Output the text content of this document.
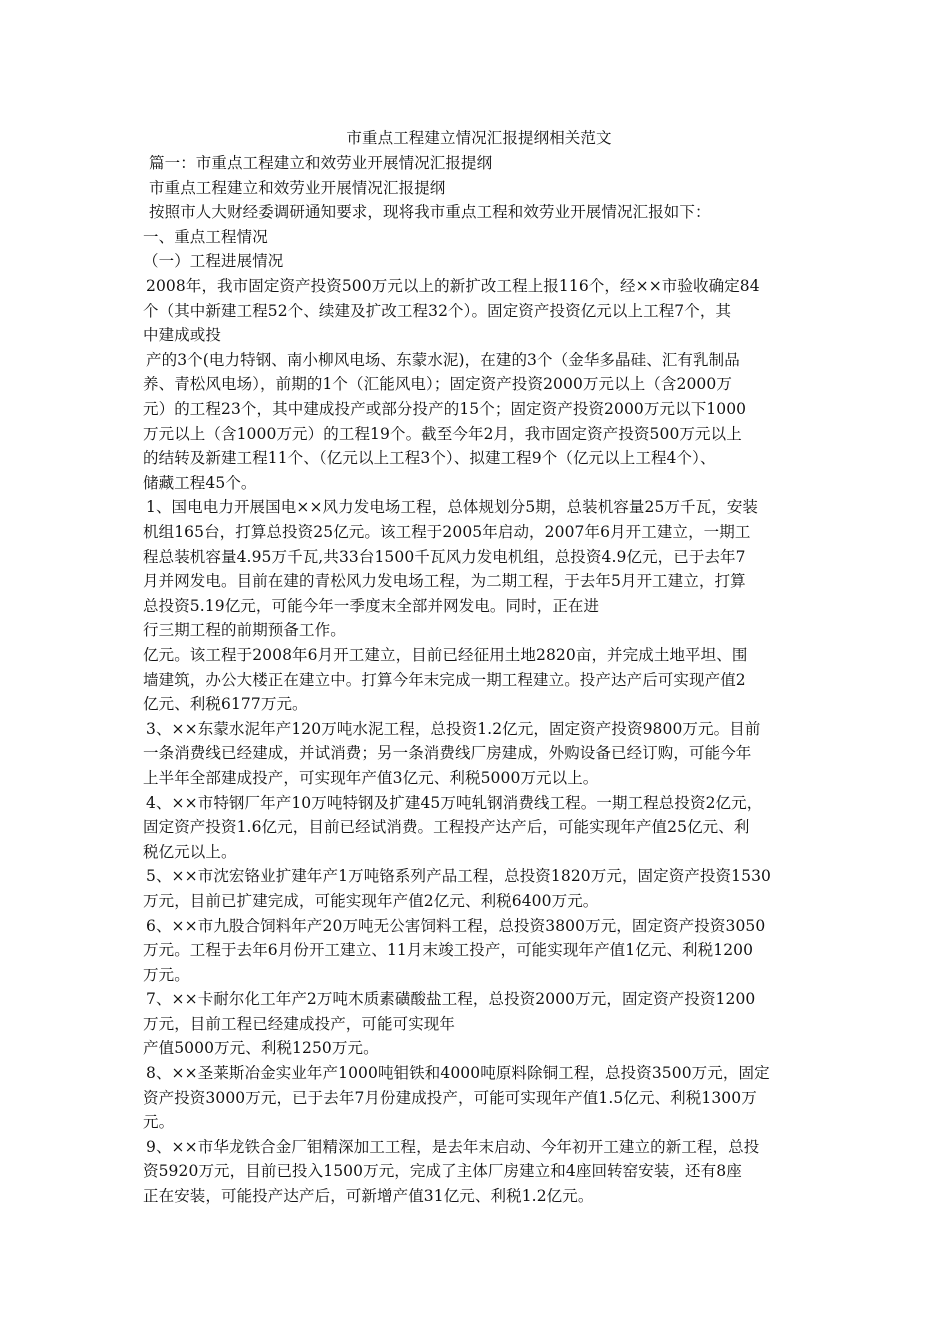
市重点工程建立情况汇报提纲相关范文
篇一：市重点工程建立和效劳业开展情况汇报提纲
市重点工程建立和效劳业开展情况汇报提纲
按照市人大财经委调研通知要求，现将我市重点工程和效劳业开展情况汇报如下：
一、重点工程情况
（一）工程进展情况
2008年，我市固定资产投资500万元以上的新扩改工程上报116个，经××市验收确定84
个（其中新建工程52个、续建及扩改工程32个）。固定资产投资亿元以上工程7个，其
中建成或投
产的3个(电力特钢、南小柳风电场、东蒙水泥)，在建的3个（金华多晶硅、汇有乳制品
养、青松风电场），前期的1个（汇能风电）；固定资产投资2000万元以上（含2000万
元）的工程23个，其中建成投产或部分投产的15个；固定资产投资2000万元以下1000
万元以上（含1000万元）的工程19个。截至今年2月，我市固定资产投资500万元以上
的结转及新建工程11个、（亿元以上工程3个）、拟建工程9个（亿元以上工程4个）、
储藏工程45个。
1、国电电力开展国电××风力发电场工程，总体规划分5期，总装机容量25万千瓦，安装
机组165台，打算总投资25亿元。该工程于2005年启动，2007年6月开工建立，一期工
程总装机容量4.95万千瓦,共33台1500千瓦风力发电机组，总投资4.9亿元，已于去年7
月并网发电。目前在建的青松风力发电场工程，为二期工程，于去年5月开工建立，打算
总投资5.19亿元，可能今年一季度末全部并网发电。同时，正在进
行三期工程的前期预备工作。
亿元。该工程于2008年6月开工建立，目前已经征用土地2820亩，并完成土地平坦、围
墙建筑，办公大楼正在建立中。打算今年末完成一期工程建立。投产达产后可实现产值2
亿元、利税6177万元。
3、××东蒙水泥年产120万吨水泥工程，总投资1.2亿元，固定资产投资9800万元。目前
一条消费线已经建成，并试消费；另一条消费线厂房建成，外购设备已经订购，可能今年
上半年全部建成投产，可实现年产值3亿元、利税5000万元以上。
4、××市特钢厂年产10万吨特钢及扩建45万吨轧钢消费线工程。一期工程总投资2亿元，
固定资产投资1.6亿元，目前已经试消费。工程投产达产后，可能实现年产值25亿元、利
税亿元以上。
5、××市沈宏铬业扩建年产1万吨铬系列产品工程，总投资1820万元，固定资产投资1530
万元，目前已扩建完成，可能实现年产值2亿元、利税6400万元。
6、××市九股合饲料年产20万吨无公害饲料工程，总投资3800万元，固定资产投资3050
万元。工程于去年6月份开工建立、11月末竣工投产，可能实现年产值1亿元、利税1200
万元。
7、××卡耐尔化工年产2万吨木质素磺酸盐工程，总投资2000万元，固定资产投资1200
万元，目前工程已经建成投产，可能可实现年
产值5000万元、利税1250万元。
8、××圣莱斯冶金实业年产1000吨钼铁和4000吨原料除铜工程，总投资3500万元，固定
资产投资3000万元，已于去年7月份建成投产，可能可实现年产值1.5亿元、利税1300万
元。
9、××市华龙铁合金厂钼精深加工工程，是去年末启动、今年初开工建立的新工程，总投
资5920万元，目前已投入1500万元，完成了主体厂房建立和4座回转窑安装，还有8座
正在安装，可能投产达产后，可新增产值31亿元、利税1.2亿元。
